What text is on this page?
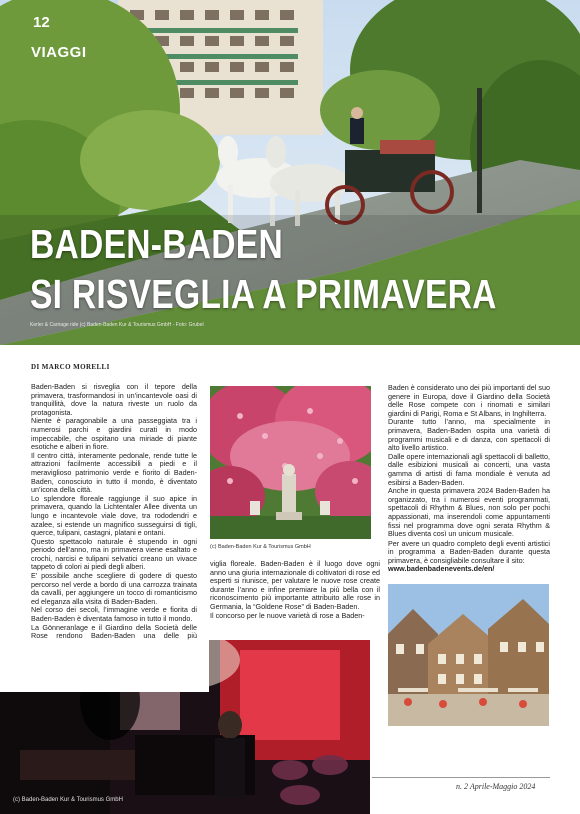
12
VIAGGI
BADEN-BADEN
SI RISVEGLIA A PRIMAVERA
Kerler & Carriage ride (c) Baden-Baden Kur & Tourismus GmbH - Foto: Grubel
DI MARCO MORELLI

Baden-Baden si risveglia con il tepore della primavera, trasformandosi in un’incantevole oasi di tranquillità, dove la natura riveste un ruolo da protagonista.

Niente è paragonabile a una passeggiata tra i numerosi parchi e giardini curati in modo impeccabile, che ospitano una miriade di piante esotiche e alberi in fiore.

Il centro città, interamente pedonale, rende tutte le attrazioni facilmente accessibili a piedi e il meraviglioso patrimonio verde e fiorito di Baden-Baden, conosciuto in tutto il mondo, è diventato un’icona della città.

Lo splendore floreale raggiunge il suo apice in primavera, quando la Lichtentaler Allee diventa un lungo e incantevole viale dove, tra rododendri e azalee, si estende un magnifico susseguirsi di tigli, querce, tulipani, castagni, platani e ontani.

Questo spettacolo naturale è stupendo in ogni periodo dell’anno, ma in primavera viene esaltato e crochi, narcisi e tulipani selvatici creano un vivace tappeto di colori ai piedi degli alberi.

E’ possibile anche scegliere di godere di questo percorso nel verde a bordo di una carrozza trainata da cavalli, per aggiungere un tocco di romanticismo ed eleganza alla visita di Baden-Baden.

Nel corso dei secoli, l’immagine verde e fiorita di Baden-Baden è diventata famoso in tutto il mondo.

La Gönneranlage e il Giardino della Società delle Rose rendono Baden-Baden una delle più

(c) Baden-Baden Kur & Tourismus GmbH

viglia floreale. Baden-Baden è il luogo dove ogni anno una giuria internazionale di coltivatori di rose ed esperti si riunisce, per valutare le nuove rose create durante l’anno e infine premiare la più bella con il riconoscimento più importante attribuito alle rose in Germania, la “Goldene Rose” di Baden-Baden.

Il concorso per le nuove varietà di rose a Baden-

Baden è considerato uno dei più importanti del suo genere in Europa, dove il Giardino della Società delle Rose compete con i rinomati e similari giardini di Parigi, Roma e St Albans, in Inghilterra.

Durante tutto l’anno, ma specialmente in primavera, Baden-Baden ospita una varietà di programmi musicali e di danza, con spettacoli di alto livello artistico.

Dalle opere internazionali agli spettacoli di balletto, dalle esibizioni musicali ai concerti, una vasta gamma di artisti di fama mondiale è venuta ad esibirsi a Baden-Baden.

Anche in questa primavera 2024 Baden-Baden ha organizzato, tra i numerosi eventi programmati, spettacoli di Rhythm & Blues, non solo per pochi appassionati, ma inserendoli come appuntamenti fissi nel programma dove ogni serata Rhythm & Blues diventa così un unicum musicale.

Per avere un quadro completo degli eventi artistici in programma a Baden-Baden durante questa primavera, è consigliabile consultare il sito:

www.badenbadenevents.de/en/

(c) Baden-Baden Kur & Tourismus GmbH
n. 2 Aprile-Maggio 2024
